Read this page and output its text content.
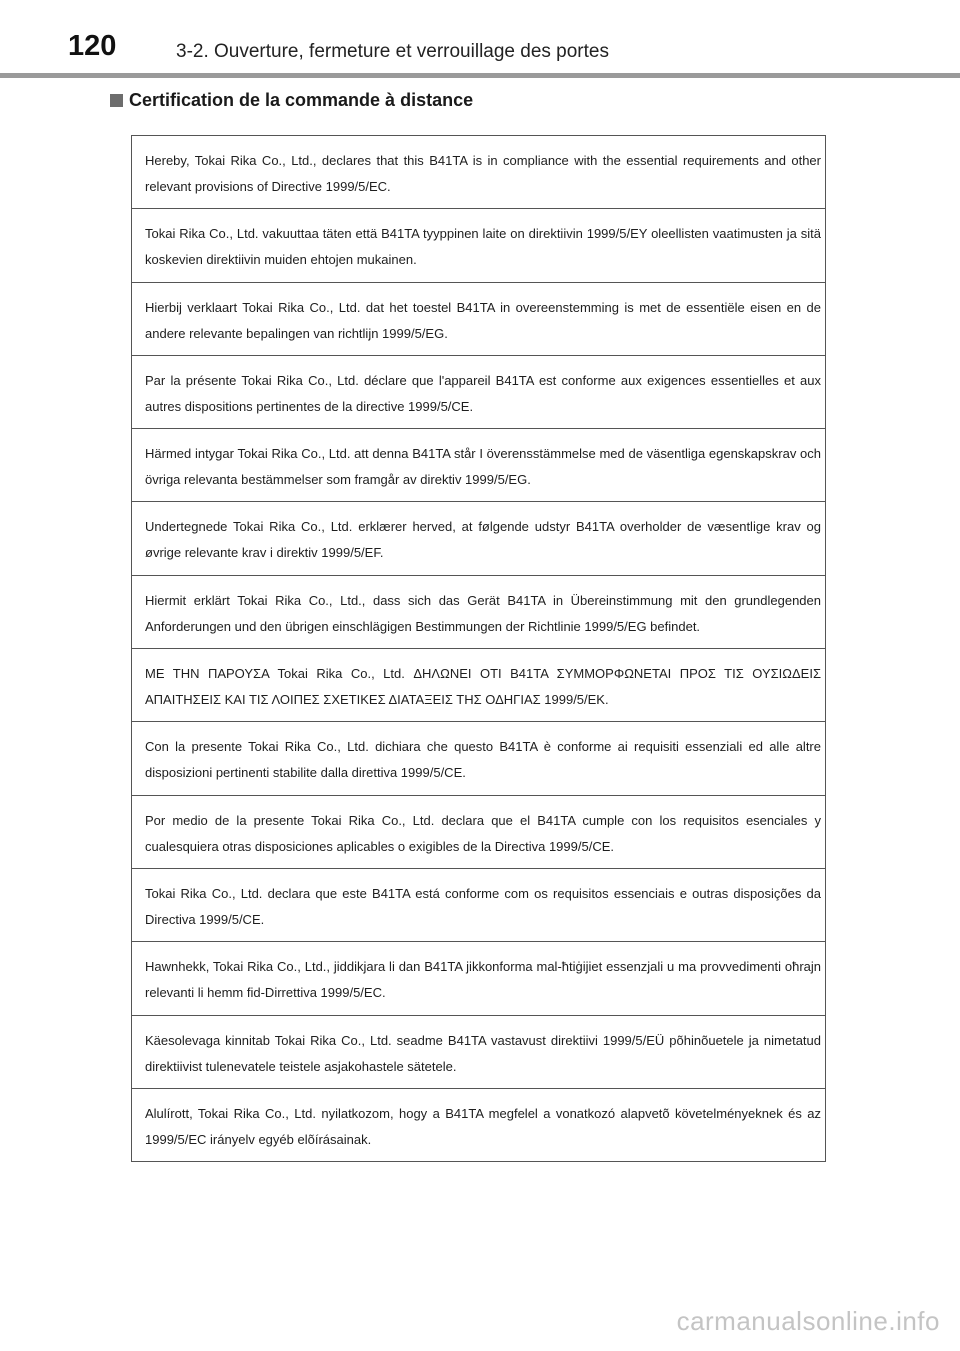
120	3-2. Ouverture, fermeture et verrouillage des portes
Certification de la commande à distance

Hereby, Tokai Rika Co., Ltd., declares that this B41TA is in compliance with the essential requirements and other relevant provisions of Directive 1999/5/EC.

Tokai Rika Co., Ltd. vakuuttaa täten että B41TA tyyppinen laite on direktiivin 1999/5/EY oleellisten vaatimusten ja sitä koskevien direktiivin muiden ehtojen mukainen.

Hierbij verklaart Tokai Rika Co., Ltd. dat het toestel B41TA in overeenstemming is met de essentiële eisen en de andere relevante bepalingen van richtlijn 1999/5/EG.

Par la présente Tokai Rika Co., Ltd. déclare que l'appareil B41TA est conforme aux exigences essentielles et aux autres dispositions pertinentes de la directive 1999/5/CE.

Härmed intygar Tokai Rika Co., Ltd. att denna B41TA står I överensstämmelse med de väsentliga egenskapskrav och övriga relevanta bestämmelser som framgår av direktiv 1999/5/EG.

Undertegnede Tokai Rika Co., Ltd. erklærer herved, at følgende udstyr B41TA overholder de væsentlige krav og øvrige relevante krav i direktiv 1999/5/EF.

Hiermit erklärt Tokai Rika Co., Ltd., dass sich das Gerät B41TA in Übereinstimmung mit den grundlegenden Anforderungen und den übrigen einschlägigen Bestimmungen der Richtlinie 1999/5/EG befindet.

ΜΕ ΤΗΝ ΠΑΡΟΥΣΑ Tokai Rika Co., Ltd. ΔΗΛΩΝΕΙ ΟΤΙ B41TA ΣΥΜΜΟΡΦΩΝΕΤΑΙ ΠΡΟΣ ΤΙΣ ΟΥΣΙΩΔΕΙΣ ΑΠΑΙΤΗΣΕΙΣ ΚΑΙ ΤΙΣ ΛΟΙΠΕΣ ΣΧΕΤΙΚΕΣ ΔΙΑΤΑΞΕΙΣ ΤΗΣ ΟΔΗΓΙΑΣ 1999/5/ΕΚ.

Con la presente Tokai Rika Co., Ltd. dichiara che questo B41TA è conforme ai requisiti essenziali ed alle altre disposizioni pertinenti stabilite dalla direttiva 1999/5/CE.

Por medio de la presente Tokai Rika Co., Ltd. declara que el B41TA cumple con los requisitos esenciales y cualesquiera otras disposiciones aplicables o exigibles de la Directiva 1999/5/CE.

Tokai Rika Co., Ltd. declara que este B41TA está conforme com os requisitos essenciais e outras disposições da Directiva 1999/5/CE.

Hawnhekk, Tokai Rika Co., Ltd., jiddikjara li dan B41TA jikkonforma mal-ħtiġijiet essenzjali u ma provvedimenti oħrajn relevanti li hemm fid-Dirrettiva 1999/5/EC.

Käesolevaga kinnitab Tokai Rika Co., Ltd. seadme B41TA vastavust direktiivi 1999/5/EÜ põhinõuetele ja nimetatud direktiivist tulenevatele teistele asjakohastele sätetele.

Alulírott, Tokai Rika Co., Ltd. nyilatkozom, hogy a B41TA megfelel a vonatkozó alapvetõ követelményeknek és az 1999/5/EC irányelv egyéb elõírásainak.

carmanualsonline.info
